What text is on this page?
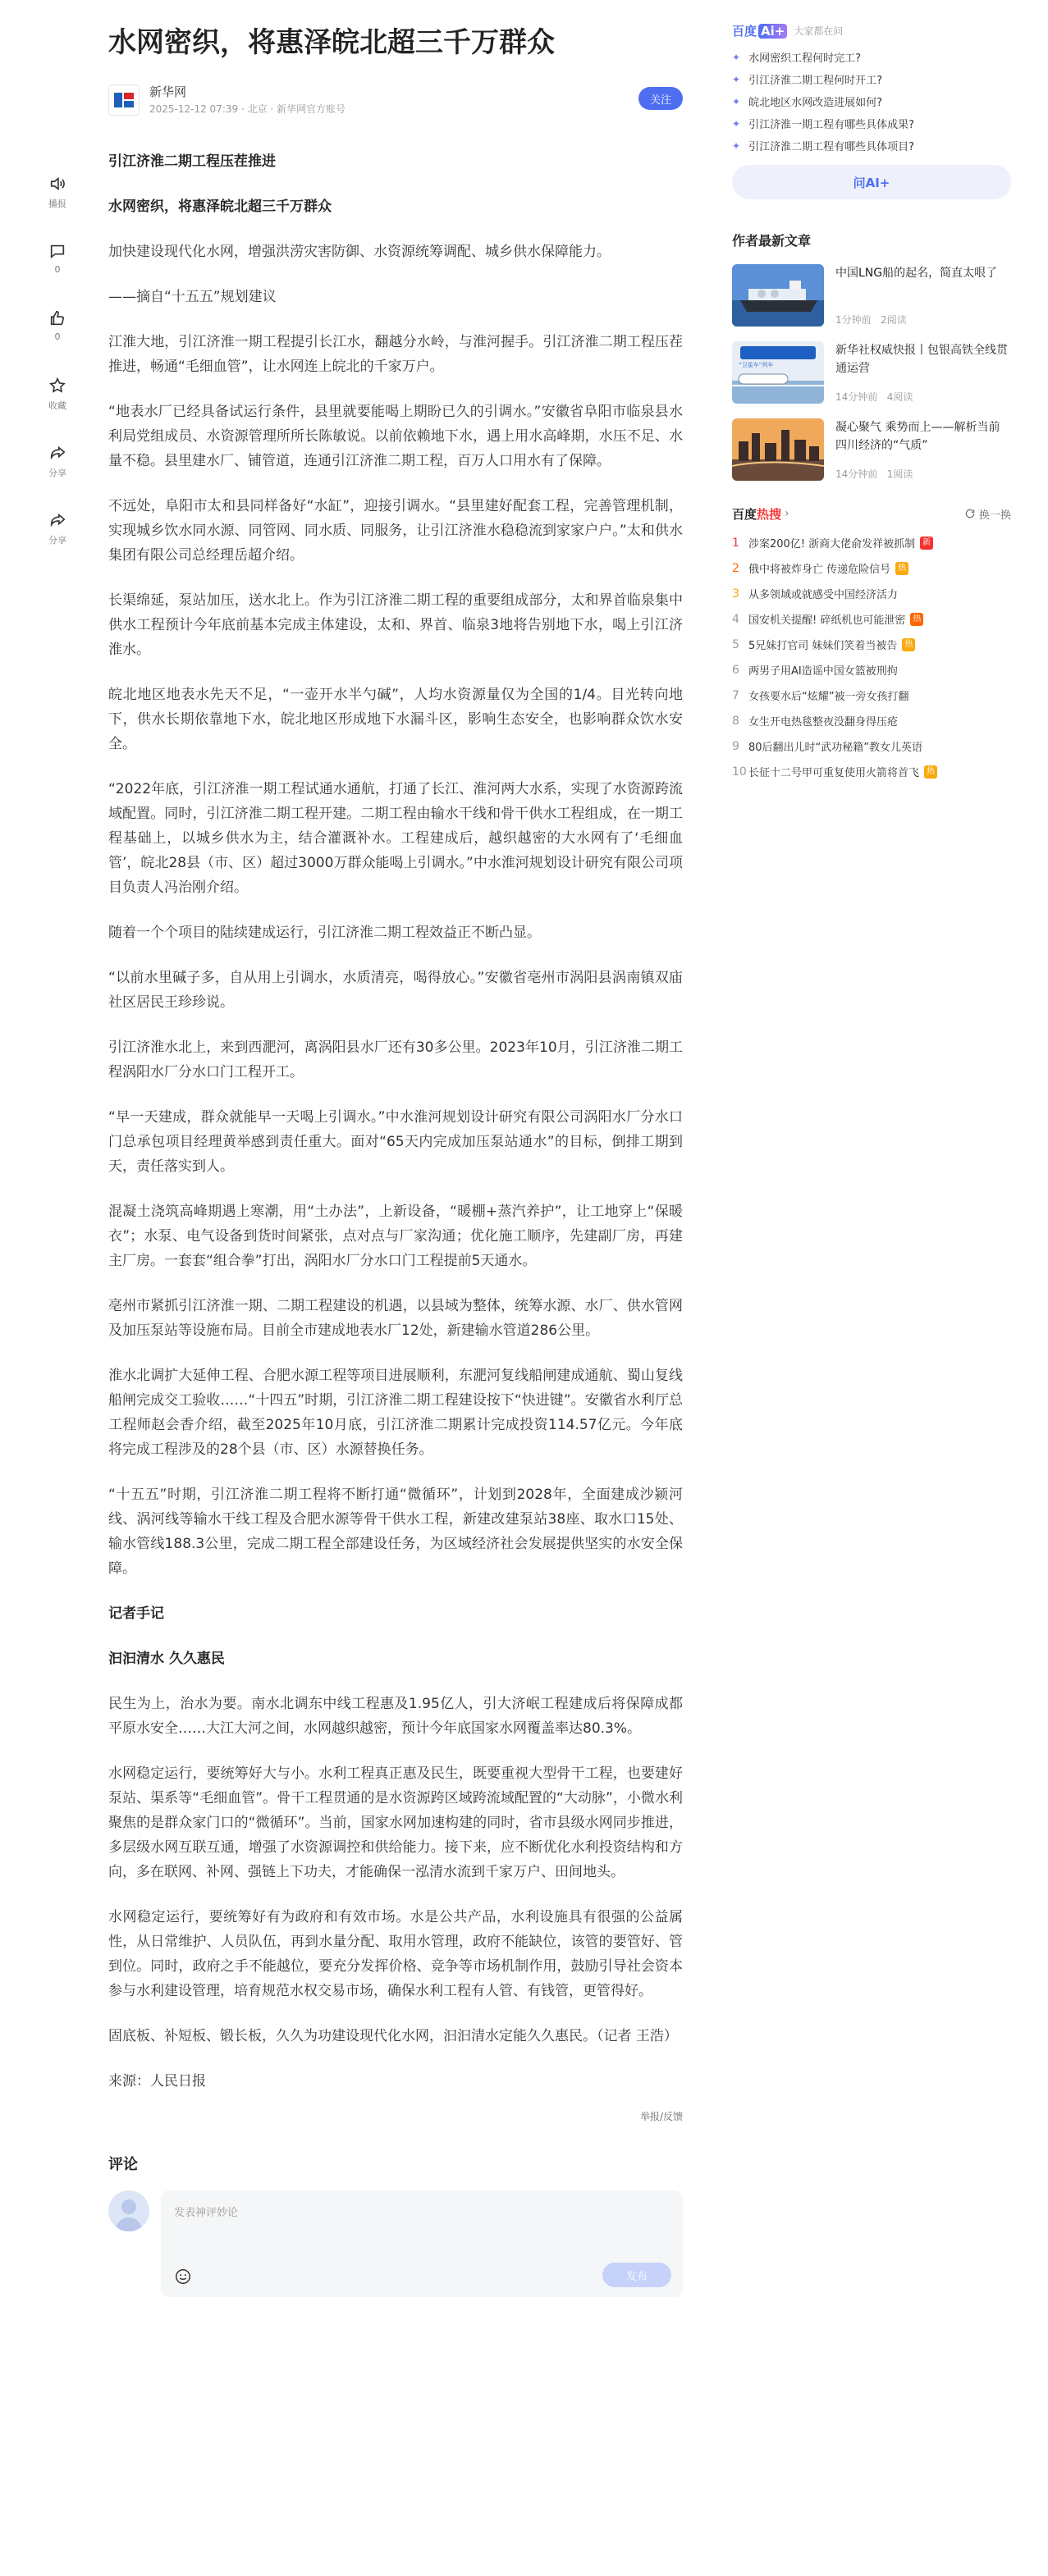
播报
0
0
收藏
分享
分享
水网密织，将惠泽皖北超三千万群众
新华网
2025-12-12 07:39 · 北京 · 新华网官方账号
关注

引江济淮二期工程压茬推进

水网密织，将惠泽皖北超三千万群众

加快建设现代化水网，增强洪涝灾害防御、水资源统筹调配、城乡供水保障能力。

——摘自“十五五”规划建议

江淮大地，引江济淮一期工程提引长江水，翻越分水岭，与淮河握手。引江济淮二期工程压茬推进，畅通“毛细血管”，让水网连上皖北的千家万户。

“地表水厂已经具备试运行条件，县里就要能喝上期盼已久的引调水。”安徽省阜阳市临泉县水利局党组成员、水资源管理所所长陈敏说。以前依赖地下水，遇上用水高峰期，水压不足、水量不稳。县里建水厂、铺管道，连通引江济淮二期工程，百万人口用水有了保障。

不远处，阜阳市太和县同样备好“水缸”，迎接引调水。“县里建好配套工程，完善管理机制，实现城乡饮水同水源、同管网、同水质、同服务，让引江济淮水稳稳流到家家户户。”太和供水集团有限公司总经理岳超介绍。

长渠绵延，泵站加压，送水北上。作为引江济淮二期工程的重要组成部分，太和界首临泉集中供水工程预计今年底前基本完成主体建设，太和、界首、临泉3地将告别地下水，喝上引江济淮水。

皖北地区地表水先天不足，“一壶开水半勺碱”，人均水资源量仅为全国的1/4。目光转向地下，供水长期依靠地下水，皖北地区形成地下水漏斗区，影响生态安全，也影响群众饮水安全。

“2022年底，引江济淮一期工程试通水通航，打通了长江、淮河两大水系，实现了水资源跨流域配置。同时，引江济淮二期工程开建。二期工程由输水干线和骨干供水工程组成，在一期工程基础上，以城乡供水为主，结合灌溉补水。工程建成后，越织越密的大水网有了‘毛细血管’，皖北28县（市、区）超过3000万群众能喝上引调水。”中水淮河规划设计研究有限公司项目负责人冯治刚介绍。

随着一个个项目的陆续建成运行，引江济淮二期工程效益正不断凸显。

“以前水里碱子多，自从用上引调水，水质清亮，喝得放心。”安徽省亳州市涡阳县涡南镇双庙社区居民王珍珍说。

引江济淮水北上，来到西淝河，离涡阳县水厂还有30多公里。2023年10月，引江济淮二期工程涡阳水厂分水口门工程开工。

“早一天建成，群众就能早一天喝上引调水。”中水淮河规划设计研究有限公司涡阳水厂分水口门总承包项目经理黄举感到责任重大。面对“65天内完成加压泵站通水”的目标，倒排工期到天，责任落实到人。

混凝土浇筑高峰期遇上寒潮，用“土办法”，上新设备，“暖棚+蒸汽养护”，让工地穿上“保暖衣”；水泵、电气设备到货时间紧张，点对点与厂家沟通；优化施工顺序，先建副厂房，再建主厂房。一套套“组合拳”打出，涡阳水厂分水口门工程提前5天通水。

亳州市紧抓引江济淮一期、二期工程建设的机遇，以县域为整体，统筹水源、水厂、供水管网及加压泵站等设施布局。目前全市建成地表水厂12处，新建输水管道286公里。

淮水北调扩大延伸工程、合肥水源工程等项目进展顺利，东淝河复线船闸建成通航、蜀山复线船闸完成交工验收……“十四五”时期，引江济淮二期工程建设按下“快进键”。安徽省水利厅总工程师赵会香介绍，截至2025年10月底，引江济淮二期累计完成投资114.57亿元。今年底将完成工程涉及的28个县（市、区）水源替换任务。

“十五五”时期，引江济淮二期工程将不断打通“微循环”，计划到2028年，全面建成沙颍河线、涡河线等输水干线工程及合肥水源等骨干供水工程，新建改建泵站38座、取水口15处、输水管线188.3公里，完成二期工程全部建设任务，为区域经济社会发展提供坚实的水安全保障。

记者手记

汩汩清水 久久惠民

民生为上，治水为要。南水北调东中线工程惠及1.95亿人，引大济岷工程建成后将保障成都平原水安全……大江大河之间，水网越织越密，预计今年底国家水网覆盖率达80.3%。

水网稳定运行，要统筹好大与小。水利工程真正惠及民生，既要重视大型骨干工程，也要建好泵站、渠系等“毛细血管”。骨干工程贯通的是水资源跨区域跨流域配置的“大动脉”，小微水利聚焦的是群众家门口的“微循环”。当前，国家水网加速构建的同时，省市县级水网同步推进，多层级水网互联互通，增强了水资源调控和供给能力。接下来，应不断优化水利投资结构和方向，多在联网、补网、强链上下功夫，才能确保一泓清水流到千家万户、田间地头。

水网稳定运行，要统筹好有为政府和有效市场。水是公共产品，水利设施具有很强的公益属性，从日常维护、人员队伍，再到水量分配、取用水管理，政府不能缺位，该管的要管好、管到位。同时，政府之手不能越位，要充分发挥价格、竞争等市场机制作用，鼓励引导社会资本参与水利建设管理，培育规范水权交易市场，确保水利工程有人管、有钱管，更管得好。

固底板、补短板、锻长板，久久为功建设现代化水网，汩汩清水定能久久惠民。（记者 王浩）

来源：人民日报

举报/反馈
评论
发表神评妙论
发布
百度 Ai+ 大家都在问
✦ 水网密织工程何时完工?
✦ 引江济淮二期工程何时开工?
✦ 皖北地区水网改造进展如何?
✦ 引江济淮一期工程有哪些具体成果?
✦ 引江济淮二期工程有哪些具体项目?
问AI+
作者最新文章
中国LNG船的起名，简直太哏了
1分钟前 2阅读
“卫星车”列车
新华社权威快报丨包银高铁全线贯通运营
14分钟前 4阅读
凝心聚气 乘势而上——解析当前四川经济的“气质”
14分钟前 1阅读
百度热搜 ›	换一换
1 涉案200亿! 浙商大佬俞发祥被抓制 新
2 俄中将被炸身亡 传递危险信号 热
3 从多领域或就感受中国经济活力
4 国安机关提醒! 碎纸机也可能泄密 热
5 5兄妹打官司 妹妹们笑着当被告 热
6 两男子用AI造谣中国女篮被刑拘
7 女孩要水后“炫耀”被一旁女孩打翻
8 女生开电热毯整夜没翻身得压疮
9 80后翻出儿时“武功秘籍”教女儿英语
10 长征十二号甲可重复使用火箭将首飞 热
